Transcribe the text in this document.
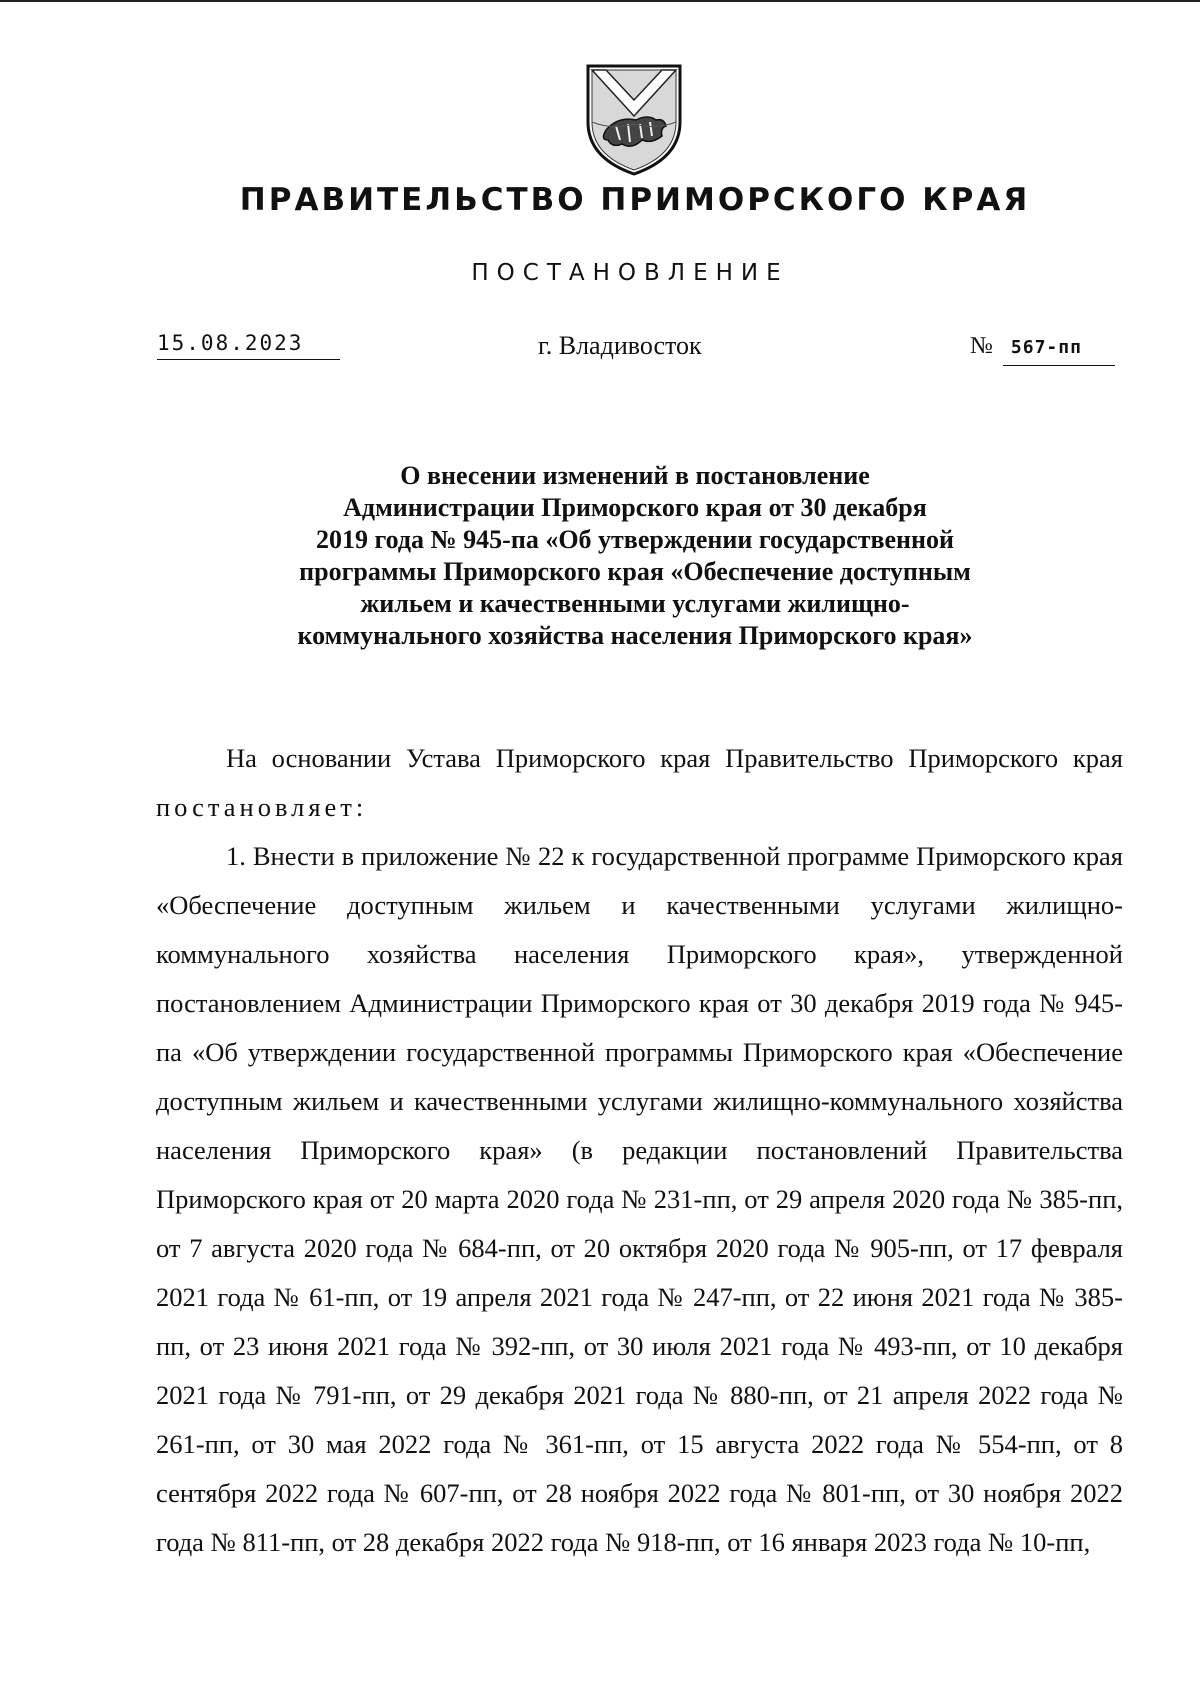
ПРАВИТЕЛЬСТВО ПРИМОРСКОГО КРАЯ
ПОСТАНОВЛЕНИЕ
15.08.2023	г. Владивосток	№ 567-пп
О внесении изменений в постановление
Администрации Приморского края от 30 декабря
2019 года № 945-па «Об утверждении государственной
программы Приморского края «Обеспечение доступным
жильем и качественными услугами жилищно-
коммунального хозяйства населения Приморского края»

На основании Устава Приморского края Правительство Приморского края постановляет:

1. Внести в приложение № 22 к государственной программе Приморского края «Обеспечение доступным жильем и качественными услугами жилищно-коммунального хозяйства населения Приморского края», утвержденной постановлением Администрации Приморского края от 30 декабря 2019 года № 945-па «Об утверждении государственной программы Приморского края «Обеспечение доступным жильем и качественными услугами жилищно-коммунального хозяйства населения Приморского края» (в редакции постановлений Правительства Приморского края от 20 марта 2020 года № 231-пп, от 29 апреля 2020 года № 385-пп, от 7 августа 2020 года № 684-пп, от 20 октября 2020 года № 905-пп, от 17 февраля 2021 года № 61-пп, от 19 апреля 2021 года № 247-пп, от 22 июня 2021 года № 385-пп, от 23 июня 2021 года № 392-пп, от 30 июля 2021 года № 493-пп, от 10 декабря 2021 года № 791-пп, от 29 декабря 2021 года № 880-пп, от 21 апреля 2022 года № 261-пп, от 30 мая 2022 года № 361-пп, от 15 августа 2022 года № 554-пп, от 8 сентября 2022 года № 607-пп, от 28 ноября 2022 года № 801-пп, от 30 ноября 2022 года № 811-пп, от 28 декабря 2022 года № 918-пп, от 16 января 2023 года № 10-пп,
